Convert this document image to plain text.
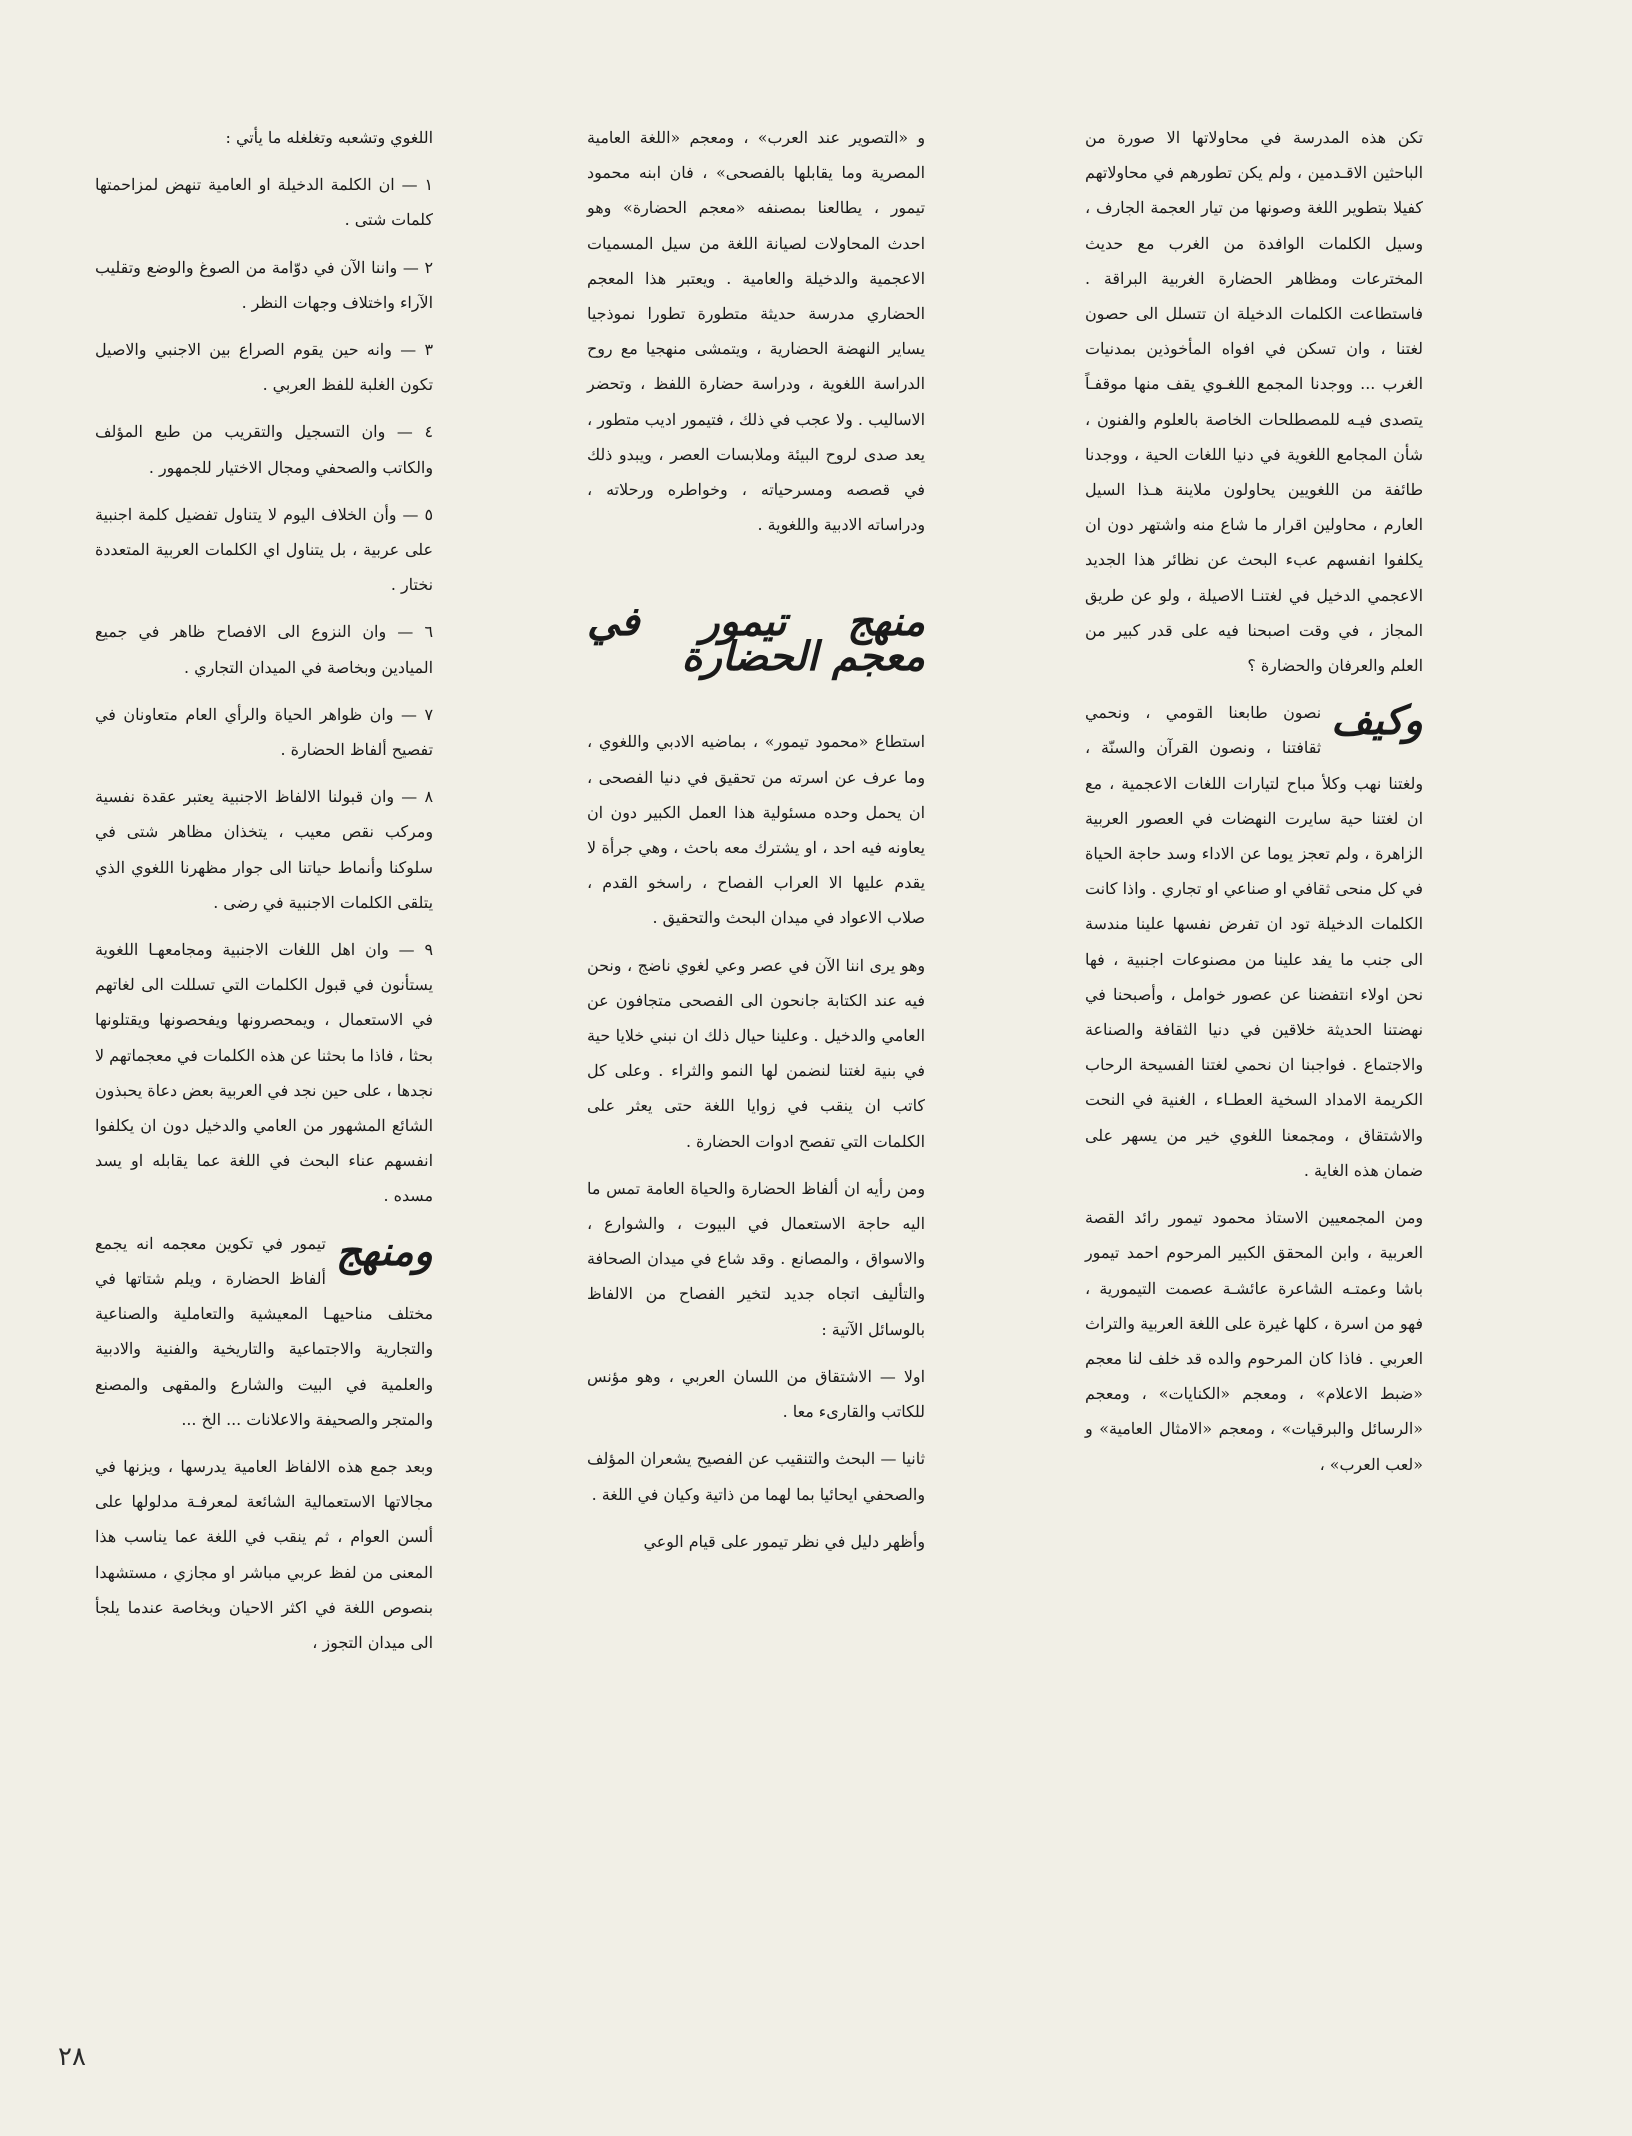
تكن هذه المدرسة في محاولاتها الا صورة من الباحثين الاقـدمين ، ولم يكن تطورهم في محاولاتهم كفيلا بتطوير اللغة وصونها من تيار العجمة الجارف ، وسيل الكلمات الوافدة من الغرب مع حديث المخترعات ومظاهر الحضارة الغربية البراقة . فاستطاعت الكلمات الدخيلة ان تتسلل الى حصون لغتنا ، وان تسكن في افواه المأخوذين بمدنيات الغرب ... ووجدنا المجمع اللغـوي يقف منها موقفـاً يتصدى فيـه للمصطلحات الخاصة بالعلوم والفنون ، شأن المجامع اللغوية في دنيا اللغات الحية ، ووجدنا طائفة من اللغويين يحاولون ملاينة هـذا السيل العارم ، محاولين اقرار ما شاع منه واشتهر دون ان يكلفوا انفسهم عبء البحث عن نظائر هذا الجديد الاعجمي الدخيل في لغتنـا الاصيلة ، ولو عن طريق المجاز ، في وقت اصبحنا فيه على قدر كبير من العلم والعرفان والحضارة ؟

وكيف
نصون طابعنا القومي ، ونحمي ثقافتنا ، ونصون القرآن والسنّة ، ولغتنا نهب وكلأ مباح لتيارات اللغات الاعجمية ، مع ان لغتنا حية سايرت النهضات في العصور العربية الزاهرة ، ولم تعجز يوما عن الاداء وسد حاجة الحياة في كل منحى ثقافي او صناعي او تجاري . واذا كانت الكلمات الدخيلة تود ان تفرض نفسها علينا مندسة الى جنب ما يفد علينا من مصنوعات اجنبية ، فها نحن اولاء انتفضنا عن عصور خوامل ، وأصبحنا في نهضتنا الحديثة خلاقين في دنيا الثقافة والصناعة والاجتماع . فواجبنا ان نحمي لغتنا الفسيحة الرحاب الكريمة الامداد السخية العطـاء ، الغنية في النحت والاشتقاق ، ومجمعنا اللغوي خير من يسهر على ضمان هذه الغاية .

ومن المجمعيين الاستاذ محمود تيمور رائد القصة العربية ، وابن المحقق الكبير المرحوم احمد تيمور باشا وعمتـه الشاعرة عائشـة عصمت التيمورية ، فهو من اسرة ، كلها غيرة على اللغة العربية والتراث العربي . فاذا كان المرحوم والده قد خلف لنا معجم «ضبط الاعلام» ، ومعجم «الكنايات» ، ومعجم «الرسائل والبرقيات» ، ومعجم «الامثال العامية» و «لعب العرب» ،

و «التصوير عند العرب» ، ومعجم «اللغة العامية المصرية وما يقابلها بالفصحى» ، فان ابنه محمود تيمور ، يطالعنا بمصنفه «معجم الحضارة» وهو احدث المحاولات لصيانة اللغة من سيل المسميات الاعجمية والدخيلة والعامية . ويعتبر هذا المعجم الحضاري مدرسة حديثة متطورة تطورا نموذجيا يساير النهضة الحضارية ، ويتمشى منهجيا مع روح الدراسة اللغوية ، ودراسة حضارة اللفظ ، وتحضر الاساليب . ولا عجب في ذلك ، فتيمور اديب متطور ، يعد صدى لروح البيئة وملابسات العصر ، ويبدو ذلك في قصصه ومسرحياته ، وخواطره ورحلاته ، ودراساته الادبية واللغوية .

منهج تيمور في معجم الحضارة

استطاع «محمود تيمور» ، بماضيه الادبي واللغوي ، وما عرف عن اسرته من تحقيق في دنيا الفصحى ، ان يحمل وحده مسئولية هذا العمل الكبير دون ان يعاونه فيه احد ، او يشترك معه باحث ، وهي جرأة لا يقدم عليها الا العراب الفصاح ، راسخو القدم ، صلاب الاعواد في ميدان البحث والتحقيق .

وهو يرى اننا الآن في عصر وعي لغوي ناضج ، ونحن فيه عند الكتابة جانحون الى الفصحى متجافون عن العامي والدخيل . وعلينا حيال ذلك ان نبني خلايا حية في بنية لغتنا لنضمن لها النمو والثراء . وعلى كل كاتب ان ينقب في زوايا اللغة حتى يعثر على الكلمات التي تفصح ادوات الحضارة .

ومن رأيه ان ألفاظ الحضارة والحياة العامة تمس ما اليه حاجة الاستعمال في البيوت ، والشوارع ، والاسواق ، والمصانع . وقد شاع في ميدان الصحافة والتأليف اتجاه جديد لتخير الفصاح من الالفاظ بالوسائل الآتية :

اولا — الاشتقاق من اللسان العربي ، وهو مؤنس للكاتب والقارىء معا .

ثانيا — البحث والتنقيب عن الفصيح يشعران المؤلف والصحفي ايحائيا بما لهما من ذاتية وكيان في اللغة .

وأظهر دليل في نظر تيمور على قيام الوعي

اللغوي وتشعبه وتغلغله ما يأتي :

١ — ان الكلمة الدخيلة او العامية تنهض لمزاحمتها كلمات شتى .

٢ — واننا الآن في دوّامة من الصوغ والوضع وتقليب الآراء واختلاف وجهات النظر .

٣ — وانه حين يقوم الصراع بين الاجنبي والاصيل تكون الغلبة للفظ العربي .

٤ — وان التسجيل والتقريب من طبع المؤلف والكاتب والصحفي ومجال الاختيار للجمهور .

٥ — وأن الخلاف اليوم لا يتناول تفضيل كلمة اجنبية على عربية ، بل يتناول اي الكلمات العربية المتعددة نختار .

٦ — وان النزوع الى الافصاح ظاهر في جميع الميادين وبخاصة في الميدان التجاري .

٧ — وان ظواهر الحياة والرأي العام متعاونان في تفصيح ألفاظ الحضارة .

٨ — وان قبولنا الالفاظ الاجنبية يعتبر عقدة نفسية ومركب نقص معيب ، يتخذان مظاهر شتى في سلوكنا وأنماط حياتنا الى جوار مظهرنا اللغوي الذي يتلقى الكلمات الاجنبية في رضى .

٩ — وان اهل اللغات الاجنبية ومجامعهـا اللغوية يستأنون في قبول الكلمات التي تسللت الى لغاتهم في الاستعمال ، ويمحصرونها ويفحصونها ويقتلونها بحثا ، فاذا ما بحثنا عن هذه الكلمات في معجماتهم لا نجدها ، على حين نجد في العربية بعض دعاة يحبذون الشائع المشهور من العامي والدخيل دون ان يكلفوا انفسهم عناء البحث في اللغة عما يقابله او يسد مسده .

ومنهج
تيمور في تكوين معجمه انه يجمع ألفاظ الحضارة ، ويلم شتاتها في مختلف مناحيهـا المعيشية والتعاملية والصناعية والتجارية والاجتماعية والتاريخية والفنية والادبية والعلمية في البيت والشارع والمقهى والمصنع والمتجر والصحيفة والاعلانات ... الخ ...

وبعد جمع هذه الالفاظ العامية يدرسها ، ويزنها في مجالاتها الاستعمالية الشائعة لمعرفـة مدلولها على ألسن العوام ، ثم ينقب في اللغة عما يناسب هذا المعنى من لفظ عربي مباشر او مجازي ، مستشهدا بنصوص اللغة في اكثر الاحيان وبخاصة عندما يلجأ الى ميدان التجوز ،

٢٨
